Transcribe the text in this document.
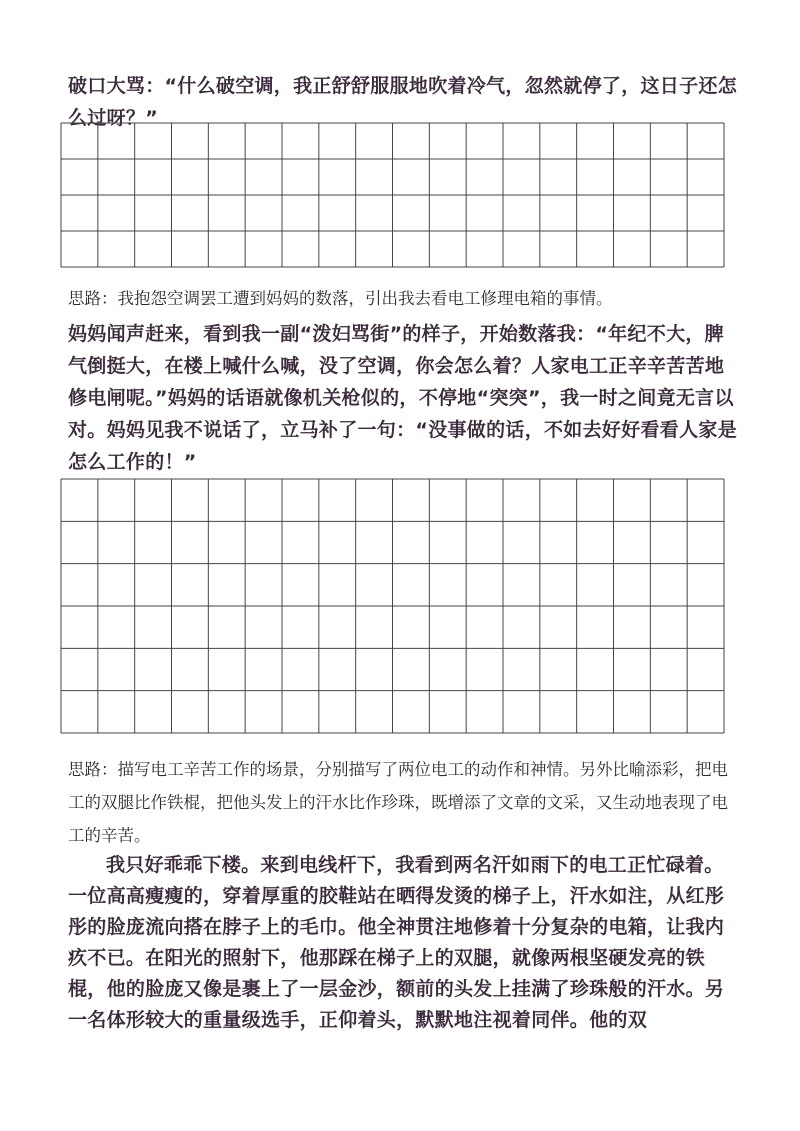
破口大骂：“什么破空调，我正舒舒服服地吹着冷气，忽然就停了，这日子还怎么过呀？”

思路：我抱怨空调罢工遭到妈妈的数落，引出我去看电工修理电箱的事情。

妈妈闻声赶来，看到我一副“泼妇骂街”的样子，开始数落我：“年纪不大，脾气倒挺大，在楼上喊什么喊，没了空调，你会怎么着？人家电工正辛辛苦苦地修电闸呢。”妈妈的话语就像机关枪似的，不停地“突突”，我一时之间竟无言以对。妈妈见我不说话了，立马补了一句：“没事做的话，不如去好好看看人家是怎么工作的！”

思路：描写电工辛苦工作的场景，分别描写了两位电工的动作和神情。另外比喻添彩，把电工的双腿比作铁棍，把他头发上的汗水比作珍珠，既增添了文章的文采，又生动地表现了电工的辛苦。

我只好乖乖下楼。来到电线杆下，我看到两名汗如雨下的电工正忙碌着。一位高高瘦瘦的，穿着厚重的胶鞋站在晒得发烫的梯子上，汗水如注，从红彤彤的脸庞流向搭在脖子上的毛巾。他全神贯注地修着十分复杂的电箱，让我内疚不已。在阳光的照射下，他那踩在梯子上的双腿，就像两根坚硬发亮的铁棍，他的脸庞又像是裹上了一层金沙，额前的头发上挂满了珍珠般的汗水。另一名体形较大的重量级选手，正仰着头，默默地注视着同伴。他的双
